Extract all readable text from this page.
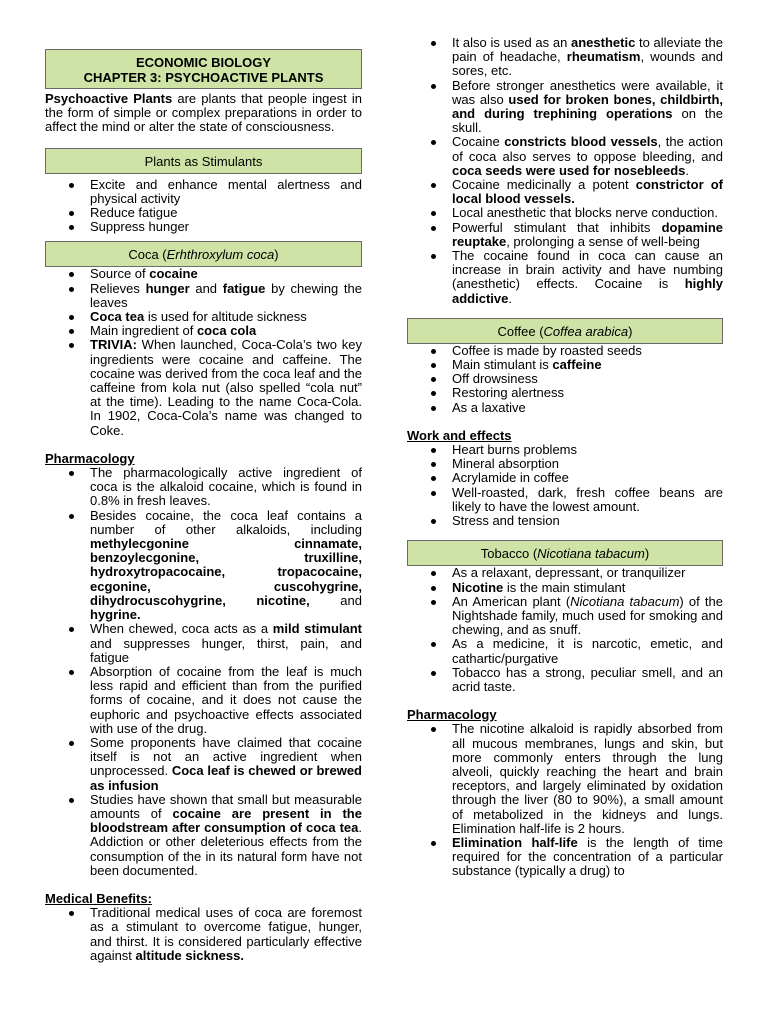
ECONOMIC BIOLOGY
CHAPTER 3: PSYCHOACTIVE PLANTS

Psychoactive Plants are plants that people ingest in the form of simple or complex preparations in order to affect the mind or alter the state of consciousness.

Plants as Stimulants
Excite and enhance mental alertness and physical activity
Reduce fatigue
Suppress hunger
Coca (Erhthroxylum coca)
Source of cocaine
Relieves hunger and fatigue by chewing the leaves
Coca tea is used for altitude sickness
Main ingredient of coca cola
TRIVIA: When launched, Coca-Cola’s two key ingredients were cocaine and caffeine. The cocaine was derived from the coca leaf and the caffeine from kola nut (also spelled “cola nut” at the time). Leading to the name Coca-Cola. In 1902, Coca-Cola’s name was changed to Coke.
Pharmacology
The pharmacologically active ingredient of coca is the alkaloid cocaine, which is found in 0.8% in fresh leaves.
Besides cocaine, the coca leaf contains a number of other alkaloids, including methylecgonine cinnamate, benzoylecgonine, truxilline, hydroxytropacocaine, tropacocaine, ecgonine, cuscohygrine, dihydrocuscohygrine, nicotine, and hygrine.
When chewed, coca acts as a mild stimulant and suppresses hunger, thirst, pain, and fatigue
Absorption of cocaine from the leaf is much less rapid and efficient than from the purified forms of cocaine, and it does not cause the euphoric and psychoactive effects associated with use of the drug.
Some proponents have claimed that cocaine itself is not an active ingredient when unprocessed. Coca leaf is chewed or brewed as infusion
Studies have shown that small but measurable amounts of cocaine are present in the bloodstream after consumption of coca tea. Addiction or other deleterious effects from the consumption of the in its natural form have not been documented.
Medical Benefits:
Traditional medical uses of coca are foremost as a stimulant to overcome fatigue, hunger, and thirst. It is considered particularly effective against altitude sickness.
It also is used as an anesthetic to alleviate the pain of headache, rheumatism, wounds and sores, etc.
Before stronger anesthetics were available, it was also used for broken bones, childbirth, and during trephining operations on the skull.
Cocaine constricts blood vessels, the action of coca also serves to oppose bleeding, and coca seeds were used for nosebleeds.
Cocaine medicinally a potent constrictor of local blood vessels.
Local anesthetic that blocks nerve conduction.
Powerful stimulant that inhibits dopamine reuptake, prolonging a sense of well-being
The cocaine found in coca can cause an increase in brain activity and have numbing (anesthetic) effects. Cocaine is highly addictive.
Coffee (Coffea arabica)
Coffee is made by roasted seeds
Main stimulant is caffeine
Off drowsiness
Restoring alertness
As a laxative
Work and effects
Heart burns problems
Mineral absorption
Acrylamide in coffee
Well-roasted, dark, fresh coffee beans are likely to have the lowest amount.
Stress and tension
Tobacco (Nicotiana tabacum)
As a relaxant, depressant, or tranquilizer
Nicotine is the main stimulant
An American plant (Nicotiana tabacum) of the Nightshade family, much used for smoking and chewing, and as snuff.
As a medicine, it is narcotic, emetic, and cathartic/purgative
Tobacco has a strong, peculiar smell, and an acrid taste.
Pharmacology
The nicotine alkaloid is rapidly absorbed from all mucous membranes, lungs and skin, but more commonly enters through the lung alveoli, quickly reaching the heart and brain receptors, and largely eliminated by oxidation through the liver (80 to 90%), a small amount of metabolized in the kidneys and lungs. Elimination half-life is 2 hours.
Elimination half-life is the length of time required for the concentration of a particular substance (typically a drug) to
